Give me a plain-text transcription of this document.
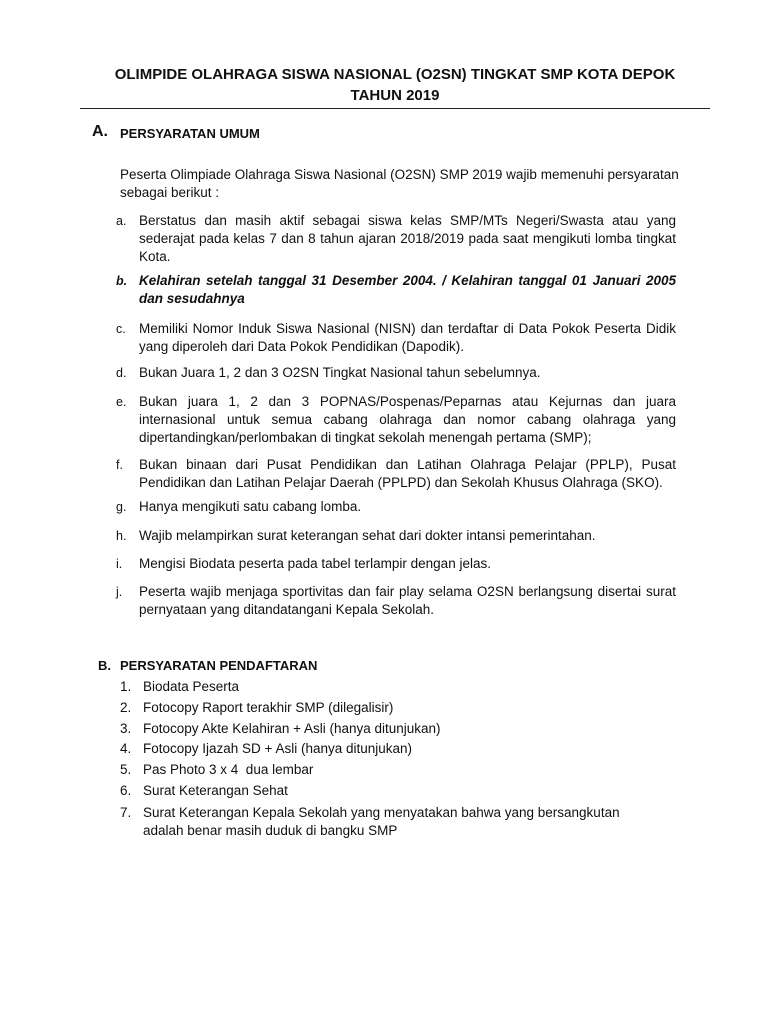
OLIMPIDE OLAHRAGA SISWA NASIONAL (O2SN) TINGKAT SMP KOTA DEPOK
TAHUN 2019
A. PERSYARATAN UMUM
Peserta Olimpiade Olahraga Siswa Nasional (O2SN) SMP 2019 wajib memenuhi persyaratan sebagai berikut :
a. Berstatus dan masih aktif sebagai siswa kelas SMP/MTs Negeri/Swasta atau yang sederajat pada kelas 7 dan 8 tahun ajaran 2018/2019 pada saat mengikuti lomba tingkat Kota.
b. Kelahiran setelah tanggal 31 Desember 2004. / Kelahiran tanggal 01 Januari 2005 dan sesudahnya
c. Memiliki Nomor Induk Siswa Nasional (NISN) dan terdaftar di Data Pokok Peserta Didik yang diperoleh dari Data Pokok Pendidikan (Dapodik).
d. Bukan Juara 1, 2 dan 3 O2SN Tingkat Nasional tahun sebelumnya.
e. Bukan juara 1, 2 dan 3 POPNAS/Pospenas/Peparnas atau Kejurnas dan juara internasional untuk semua cabang olahraga dan nomor cabang olahraga yang dipertandingkan/perlombakan di tingkat sekolah menengah pertama (SMP);
f. Bukan binaan dari Pusat Pendidikan dan Latihan Olahraga Pelajar (PPLP), Pusat Pendidikan dan Latihan Pelajar Daerah (PPLPD) dan Sekolah Khusus Olahraga (SKO).
g. Hanya mengikuti satu cabang lomba.
h. Wajib melampirkan surat keterangan sehat dari dokter intansi pemerintahan.
i. Mengisi Biodata peserta pada tabel terlampir dengan jelas.
j. Peserta wajib menjaga sportivitas dan fair play selama O2SN berlangsung disertai surat pernyataan yang ditandatangani Kepala Sekolah.
B. PERSYARATAN PENDAFTARAN
1. Biodata Peserta
2. Fotocopy Raport terakhir SMP (dilegalisir)
3. Fotocopy Akte Kelahiran + Asli (hanya ditunjukan)
4. Fotocopy Ijazah SD + Asli (hanya ditunjukan)
5. Pas Photo 3 x 4  dua lembar
6. Surat Keterangan Sehat
7. Surat Keterangan Kepala Sekolah yang menyatakan bahwa yang bersangkutan adalah benar masih duduk di bangku SMP
